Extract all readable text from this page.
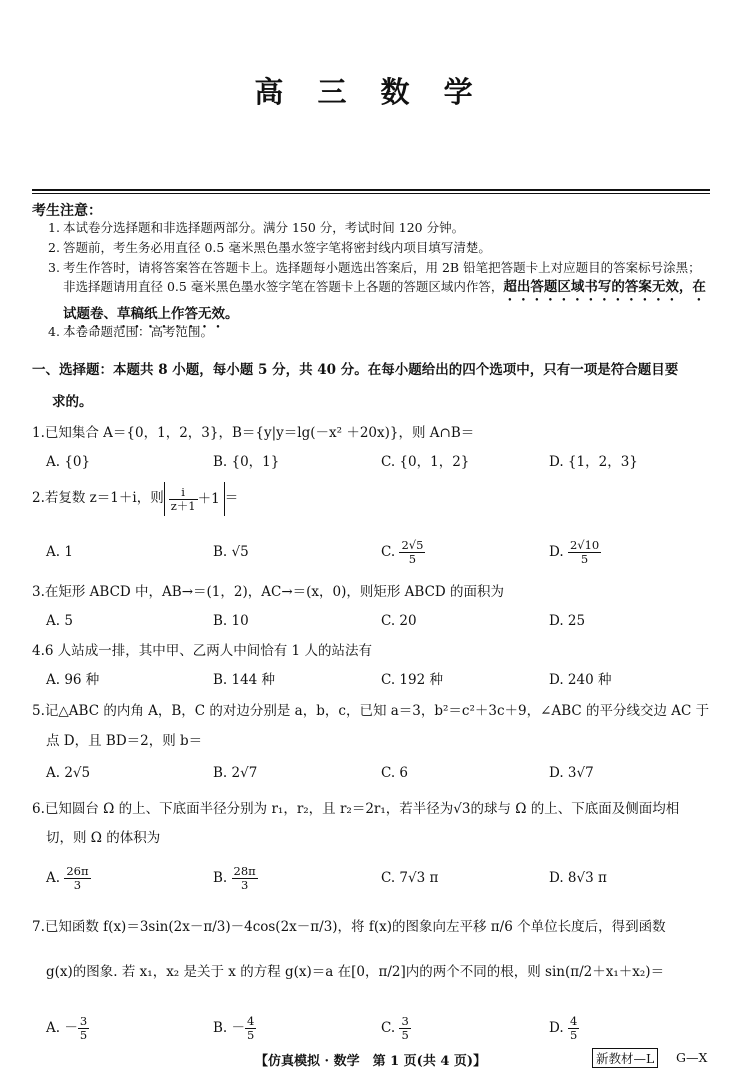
高 三 数 学
考生注意：
1. 本试卷分选择题和非选择题两部分。满分 150 分，考试时间 120 分钟。
2. 答题前，考生务必用直径 0.5 毫米黑色墨水签字笔将密封线内项目填写清楚。
3. 考生作答时，请将答案答在答题卡上。选择题每小题选出答案后，用 2B 铅笔把答题卡上对应题目的答案标号涂黑；非选择题请用直径 0.5 毫米黑色墨水签字笔在答题卡上各题的答题区域内作答，超出答题区域书写的答案无效，在试题卷、草稿纸上作答无效。
4. 本卷命题范围：高考范围。
一、选择题：本题共 8 小题，每小题 5 分，共 40 分。在每小题给出的四个选项中，只有一项是符合题目要
求的。
1.已知集合 A＝{0，1，2，3}，B＝{y|y＝lg(－x² ＋20x)}，则 A∩B＝
A. {0}	B. {0，1}	C. {0，1，2}	D. {1，2，3}
2.若复数 z＝1＋i，则 $\frac{i}{z+1} +1$ ＝
A. 1	B. √5	C. $\frac{2√5}{5}$	D. $\frac{2√10}{5}$
3.在矩形 ABCD 中，AB→＝(1，2)，AC→＝(x，0)，则矩形 ABCD 的面积为
A. 5	B. 10	C. 20	D. 25
4.6 人站成一排，其中甲、乙两人中间恰有 1 人的站法有
A. 96 种	B. 144 种	C. 192 种	D. 240 种
5.记△ABC 的内角 A，B，C 的对边分别是 a，b，c，已知 a＝3，b²＝c²＋3c＋9，∠ABC 的平分线交边 AC 于
点 D，且 BD＝2，则 b＝
A. 2√5	B. 2√7	C. 6	D. 3√7
6.已知圆台 Ω 的上、下底面半径分别为 r₁，r₂，且 r₂＝2r₁，若半径为√3的球与 Ω 的上、下底面及侧面均相
切，则 Ω 的体积为
A. $\frac{26\pi}{3}$	B. $\frac{28\pi}{3}$	C. 7√3 π	D. 8√3 π
7.已知函数 f(x)＝3sin(2x－π/3)－4cos(2x－π/3)，将 f(x)的图象向左平移 π/6 个单位长度后，得到函数
g(x)的图象. 若 x₁，x₂ 是关于 x 的方程 g(x)＝a 在[0，π/2]内的两个不同的根，则 sin(π/2＋x₁＋x₂)＝
A. － $\frac{3}{5}$	B. － $\frac{4}{5}$	C. $\frac{3}{5}$	D. $\frac{4}{5}$
【仿真模拟 · 数学　第 1 页(共 4 页)】	新教材—L	G—X
